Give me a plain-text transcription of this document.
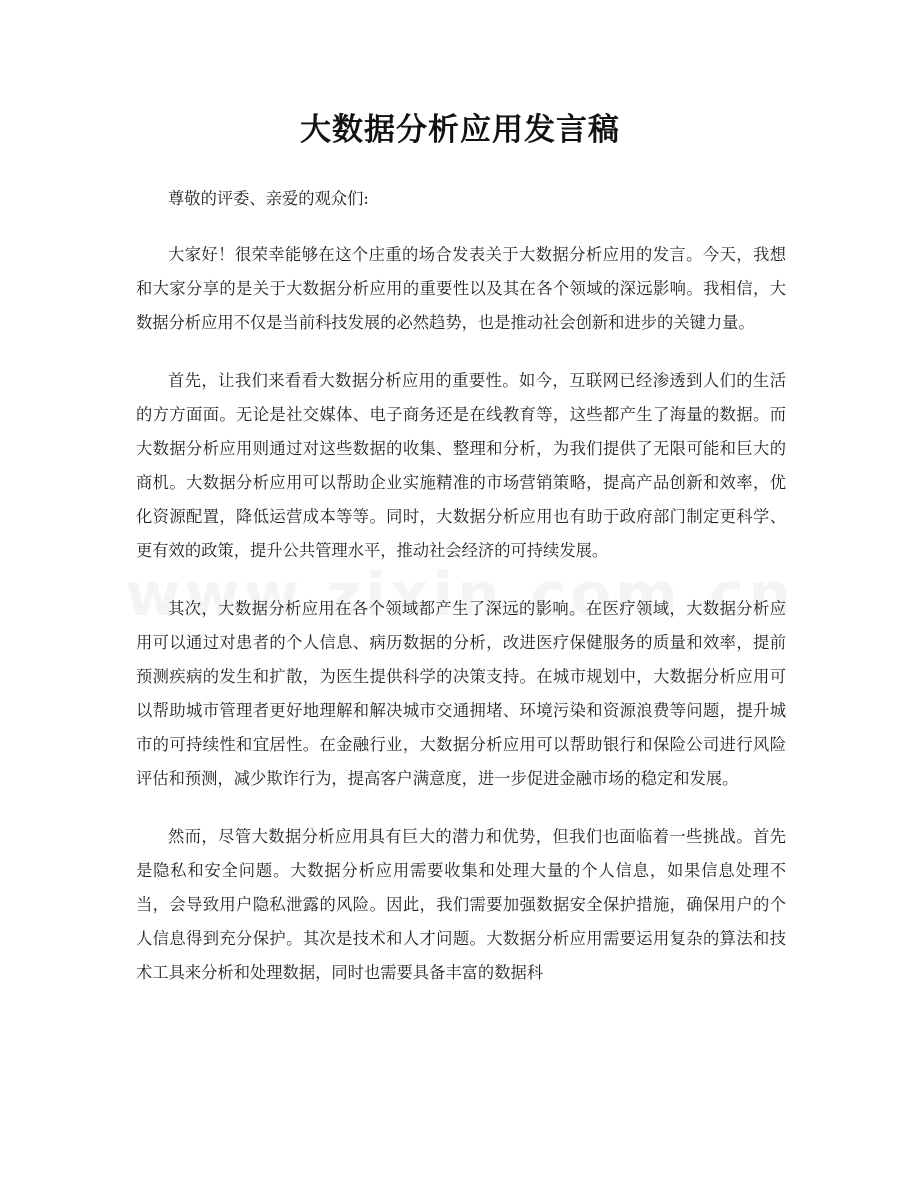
大数据分析应用发言稿

尊敬的评委、亲爱的观众们:

大家好！很荣幸能够在这个庄重的场合发表关于大数据分析应用的发言。今天，我想和大家分享的是关于大数据分析应用的重要性以及其在各个领域的深远影响。我相信，大数据分析应用不仅是当前科技发展的必然趋势，也是推动社会创新和进步的关键力量。

首先，让我们来看看大数据分析应用的重要性。如今，互联网已经渗透到人们的生活的方方面面。无论是社交媒体、电子商务还是在线教育等，这些都产生了海量的数据。而大数据分析应用则通过对这些数据的收集、整理和分析，为我们提供了无限可能和巨大的商机。大数据分析应用可以帮助企业实施精准的市场营销策略，提高产品创新和效率，优化资源配置，降低运营成本等等。同时，大数据分析应用也有助于政府部门制定更科学、更有效的政策，提升公共管理水平，推动社会经济的可持续发展。

其次，大数据分析应用在各个领域都产生了深远的影响。在医疗领域，大数据分析应用可以通过对患者的个人信息、病历数据的分析，改进医疗保健服务的质量和效率，提前预测疾病的发生和扩散，为医生提供科学的决策支持。在城市规划中，大数据分析应用可以帮助城市管理者更好地理解和解决城市交通拥堵、环境污染和资源浪费等问题，提升城市的可持续性和宜居性。在金融行业，大数据分析应用可以帮助银行和保险公司进行风险评估和预测，减少欺诈行为，提高客户满意度，进一步促进金融市场的稳定和发展。

然而，尽管大数据分析应用具有巨大的潜力和优势，但我们也面临着一些挑战。首先是隐私和安全问题。大数据分析应用需要收集和处理大量的个人信息，如果信息处理不当，会导致用户隐私泄露的风险。因此，我们需要加强数据安全保护措施，确保用户的个人信息得到充分保护。其次是技术和人才问题。大数据分析应用需要运用复杂的算法和技术工具来分析和处理数据，同时也需要具备丰富的数据科
